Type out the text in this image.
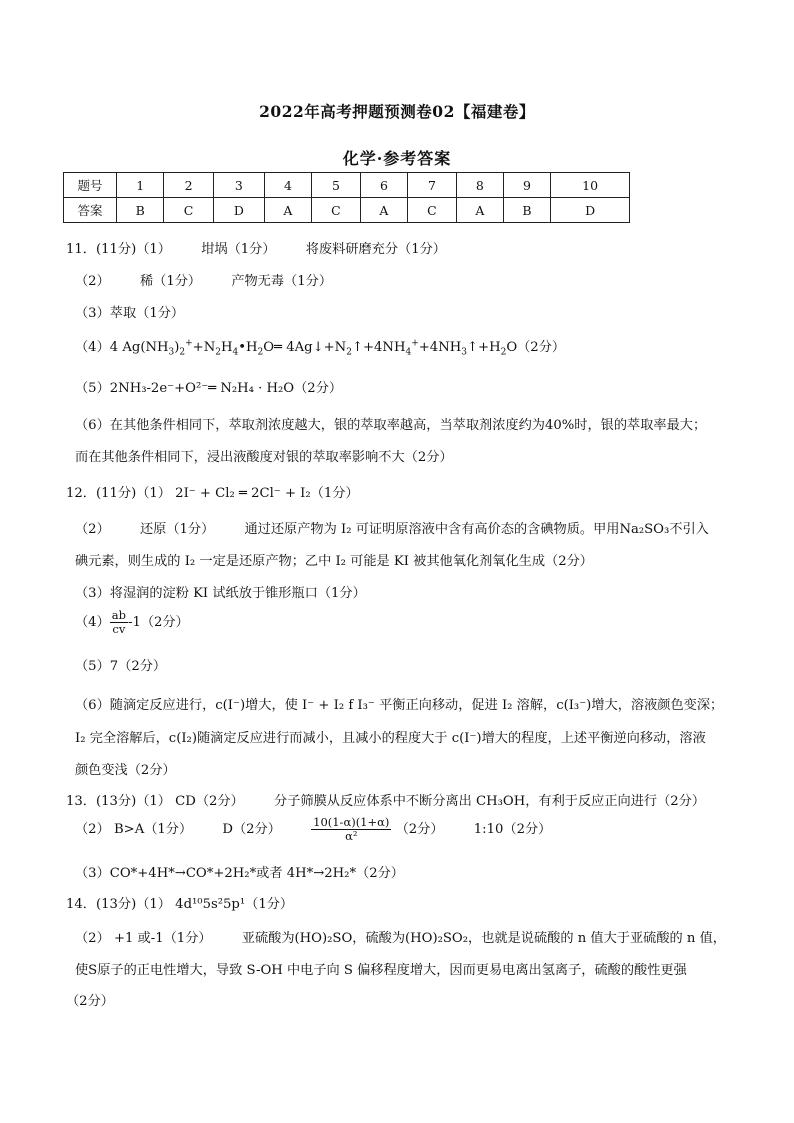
2022年高考押题预测卷02【福建卷】
化学·参考答案
题号	1	2	3	4	5	6	7	8	9	10
答案	B	C	D	A	C	A	C	A	B	D
11．(11分)（1） 坩埚（1分） 将废料研磨充分（1分）
（2） 稀（1分） 产物无毒（1分）
（3）萃取（1分）
（4）4 $Ag(NH_3)_2^++N_2H_4•H_2O═$ $4Ag↓+N_2↑+4NH_4^++4NH_3↑+H_2O(2$分）
（5）2NH₃-2e⁻+O²⁻═ N₂H₄ · H₂O（2分）
（6）在其他条件相同下，萃取剂浓度越大，银的萃取率越高，当萃取剂浓度约为40%时，银的萃取率最大；
而在其他条件相同下，浸出液酸度对银的萃取率影响不大（2分）
12．(11分)（1） 2I⁻ + Cl₂ ═ 2Cl⁻ + I₂（1分）
（2） 还原（1分） 通过还原产物为 I₂ 可证明原溶液中含有高价态的含碘物质。甲用Na₂SO₃不引入
碘元素，则生成的 I₂ 一定是还原产物；乙中 I₂ 可能是 KI 被其他氧化剂氧化生成（2分）
（3）将湿润的淀粉 KI 试纸放于锥形瓶口（1分）
$(4) \frac{ab}{cv} -1(2$分）
（5）7（2分）
（6）随滴定反应进行，c(I⁻)增大，使 I⁻ + I₂ f I₃⁻ 平衡正向移动，促进 I₂ 溶解，c(I₃⁻)增大，溶液颜色变深；
I₂ 完全溶解后，c(I₂)随滴定反应进行而减小，且减小的程度大于 c(I⁻)增大的程度，上述平衡逆向移动，溶液
颜色变浅（2分）
13．(13分)（1） CD（2分） 分子筛膜从反应体系中不断分离出 CH₃OH，有利于反应正向进行（2分）
（2） B>A（1分） D（2分）	$\frac{10(1-\alpha)(1+\alpha)}{\text{α²}} (2$分） 1:10（2分）
（3）CO*+4H*→CO*+2H₂*或者 4H*→2H₂*（2分）
14．(13分)（1） 4d¹⁰5s²5p¹（1分）
（2） +1 或-1（1分） 亚硫酸为(HO)₂SO，硫酸为(HO)₂SO₂，也就是说硫酸的 n 值大于亚硫酸的 n 值，
使S原子的正电性增大，导致 S-OH 中电子向 S 偏移程度增大，因而更易电离出氢离子，硫酸的酸性更强
（2分）
